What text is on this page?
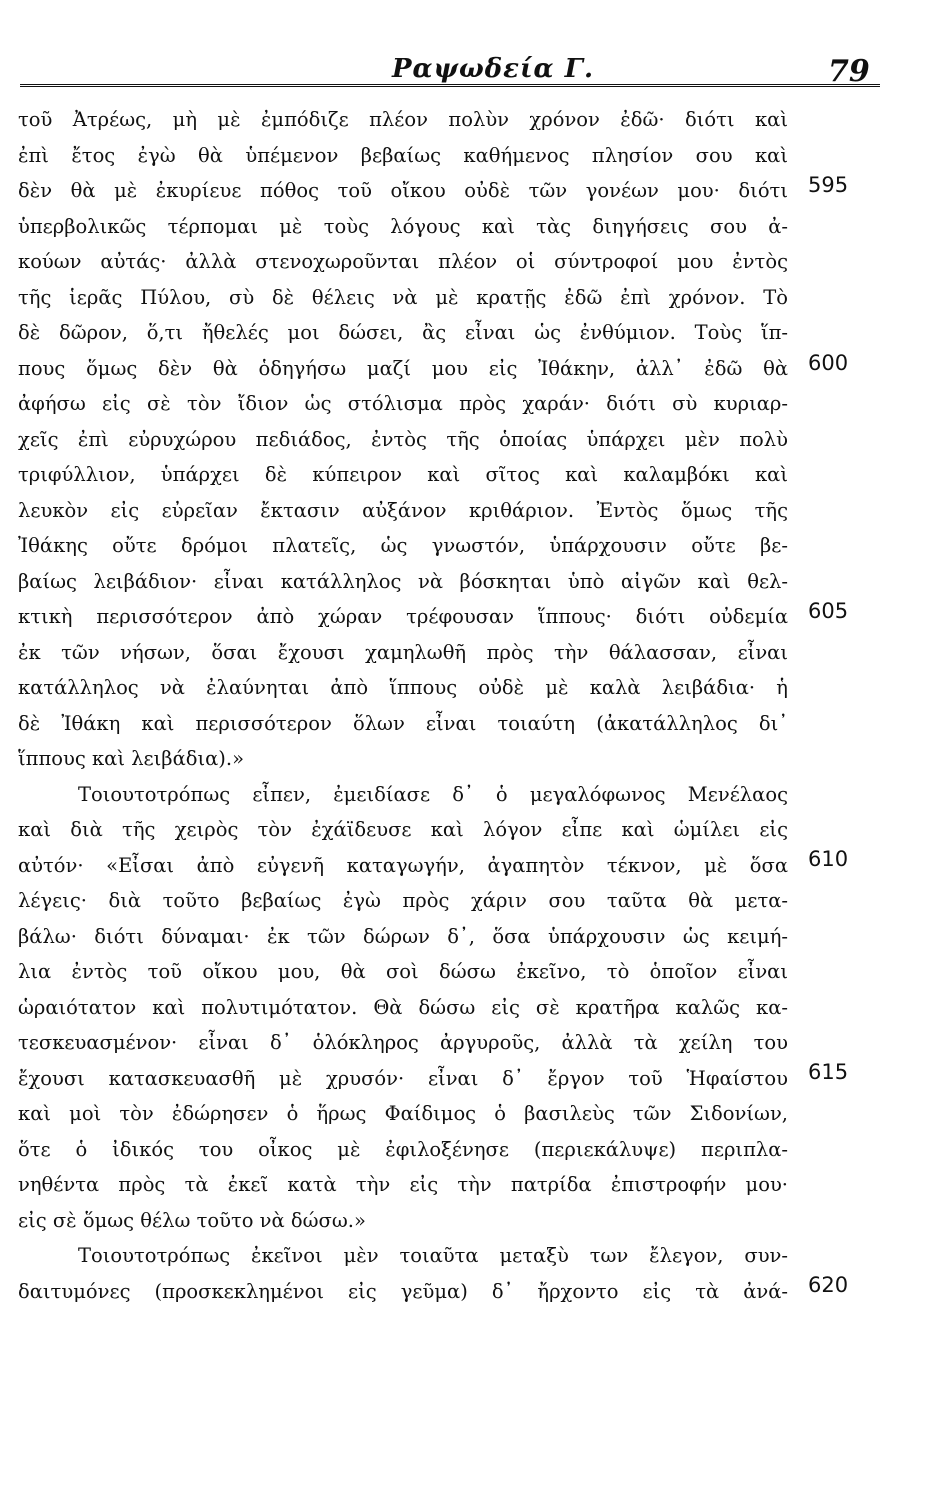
Ραψωδεία Γ.	79
τοῦ Ἀτρέως, μὴ μὲ ἐμπόδιζε πλέον πολὺν χρόνον ἐδῶ· διότι καὶ
ἐπὶ ἔτος ἐγὼ θὰ ὑπέμενον βεβαίως καθήμενος πλησίον σου καὶ
δὲν θὰ μὲ ἐκυρίευε πόθος τοῦ οἴκου οὐδὲ τῶν γονέων μου· διότι
ὑπερβολικῶς τέρπομαι μὲ τοὺς λόγους καὶ τὰς διηγήσεις σου ἀ-
κούων αὐτάς· ἀλλὰ στενοχωροῦνται πλέον οἱ σύντροφοί μου ἐντὸς
τῆς ἱερᾶς Πύλου, σὺ δὲ θέλεις νὰ μὲ κρατῇς ἐδῶ ἐπὶ χρόνον. Τὸ
δὲ δῶρον, ὅ,τι ἤθελές μοι δώσει, ἂς εἶναι ὡς ἐνθύμιον. Τοὺς ἵπ-
πους ὅμως δὲν θὰ ὁδηγήσω μαζί μου εἰς Ἰθάκην, ἀλλ᾽ ἐδῶ θὰ
ἀφήσω εἰς σὲ τὸν ἴδιον ὡς στόλισμα πρὸς χαράν· διότι σὺ κυριαρ-
χεῖς ἐπὶ εὐρυχώρου πεδιάδος, ἐντὸς τῆς ὁποίας ὑπάρχει μὲν πολὺ
τριφύλλιον, ὑπάρχει δὲ κύπειρον καὶ σῖτος καὶ καλαμβόκι καὶ
λευκὸν εἰς εὐρεῖαν ἔκτασιν αὐξάνον κριθάριον. Ἐντὸς ὅμως τῆς
Ἰθάκης οὔτε δρόμοι πλατεῖς, ὡς γνωστόν, ὑπάρχουσιν οὔτε βε-
βαίως λειβάδιον· εἶναι κατάλληλος νὰ βόσκηται ὑπὸ αἰγῶν καὶ θελ-
κτικὴ περισσότερον ἀπὸ χώραν τρέφουσαν ἵππους· διότι οὐδεμία
ἐκ τῶν νήσων, ὅσαι ἔχουσι χαμηλωθῆ πρὸς τὴν θάλασσαν, εἶναι
κατάλληλος νὰ ἐλαύνηται ἀπὸ ἵππους οὐδὲ μὲ καλὰ λειβάδια· ἡ
δὲ Ἰθάκη καὶ περισσότερον ὅλων εἶναι τοιαύτη (ἀκατάλληλος δι᾽
ἵππους καὶ λειβάδια).»
Τοιουτοτρόπως εἶπεν, ἐμειδίασε δ᾽ ὁ μεγαλόφωνος Μενέλαος
καὶ διὰ τῆς χειρὸς τὸν ἐχάϊδευσε καὶ λόγον εἶπε καὶ ὡμίλει εἰς
αὐτόν· «Εἶσαι ἀπὸ εὐγενῆ καταγωγήν, ἀγαπητὸν τέκνον, μὲ ὅσα
λέγεις· διὰ τοῦτο βεβαίως ἐγὼ πρὸς χάριν σου ταῦτα θὰ μετα-
βάλω· διότι δύναμαι· ἐκ τῶν δώρων δ᾽, ὅσα ὑπάρχουσιν ὡς κειμή-
λια ἐντὸς τοῦ οἴκου μου, θὰ σοὶ δώσω ἐκεῖνο, τὸ ὁποῖον εἶναι
ὡραιότατον καὶ πολυτιμότατον. Θὰ δώσω εἰς σὲ κρατῆρα καλῶς κα-
τεσκευασμένον· εἶναι δ᾽ ὁλόκληρος ἀργυροῦς, ἀλλὰ τὰ χείλη του
ἔχουσι κατασκευασθῆ μὲ χρυσόν· εἶναι δ᾽ ἔργον τοῦ Ἡφαίστου
καὶ μοὶ τὸν ἐδώρησεν ὁ ἥρως Φαίδιμος ὁ βασιλεὺς τῶν Σιδονίων,
ὅτε ὁ ἰδικός του οἶκος μὲ ἐφιλοξένησε (περιεκάλυψε) περιπλα-
νηθέντα πρὸς τὰ ἐκεῖ κατὰ τὴν εἰς τὴν πατρίδα ἐπιστροφήν μου·
εἰς σὲ ὅμως θέλω τοῦτο νὰ δώσω.»
Τοιουτοτρόπως ἐκεῖνοι μὲν τοιαῦτα μεταξὺ των ἔλεγον, συν-
δαιτυμόνες (προσκεκλημένοι εἰς γεῦμα) δ᾽ ἤρχοντο εἰς τὰ ἀνά-
595
600
605
610
615
620
